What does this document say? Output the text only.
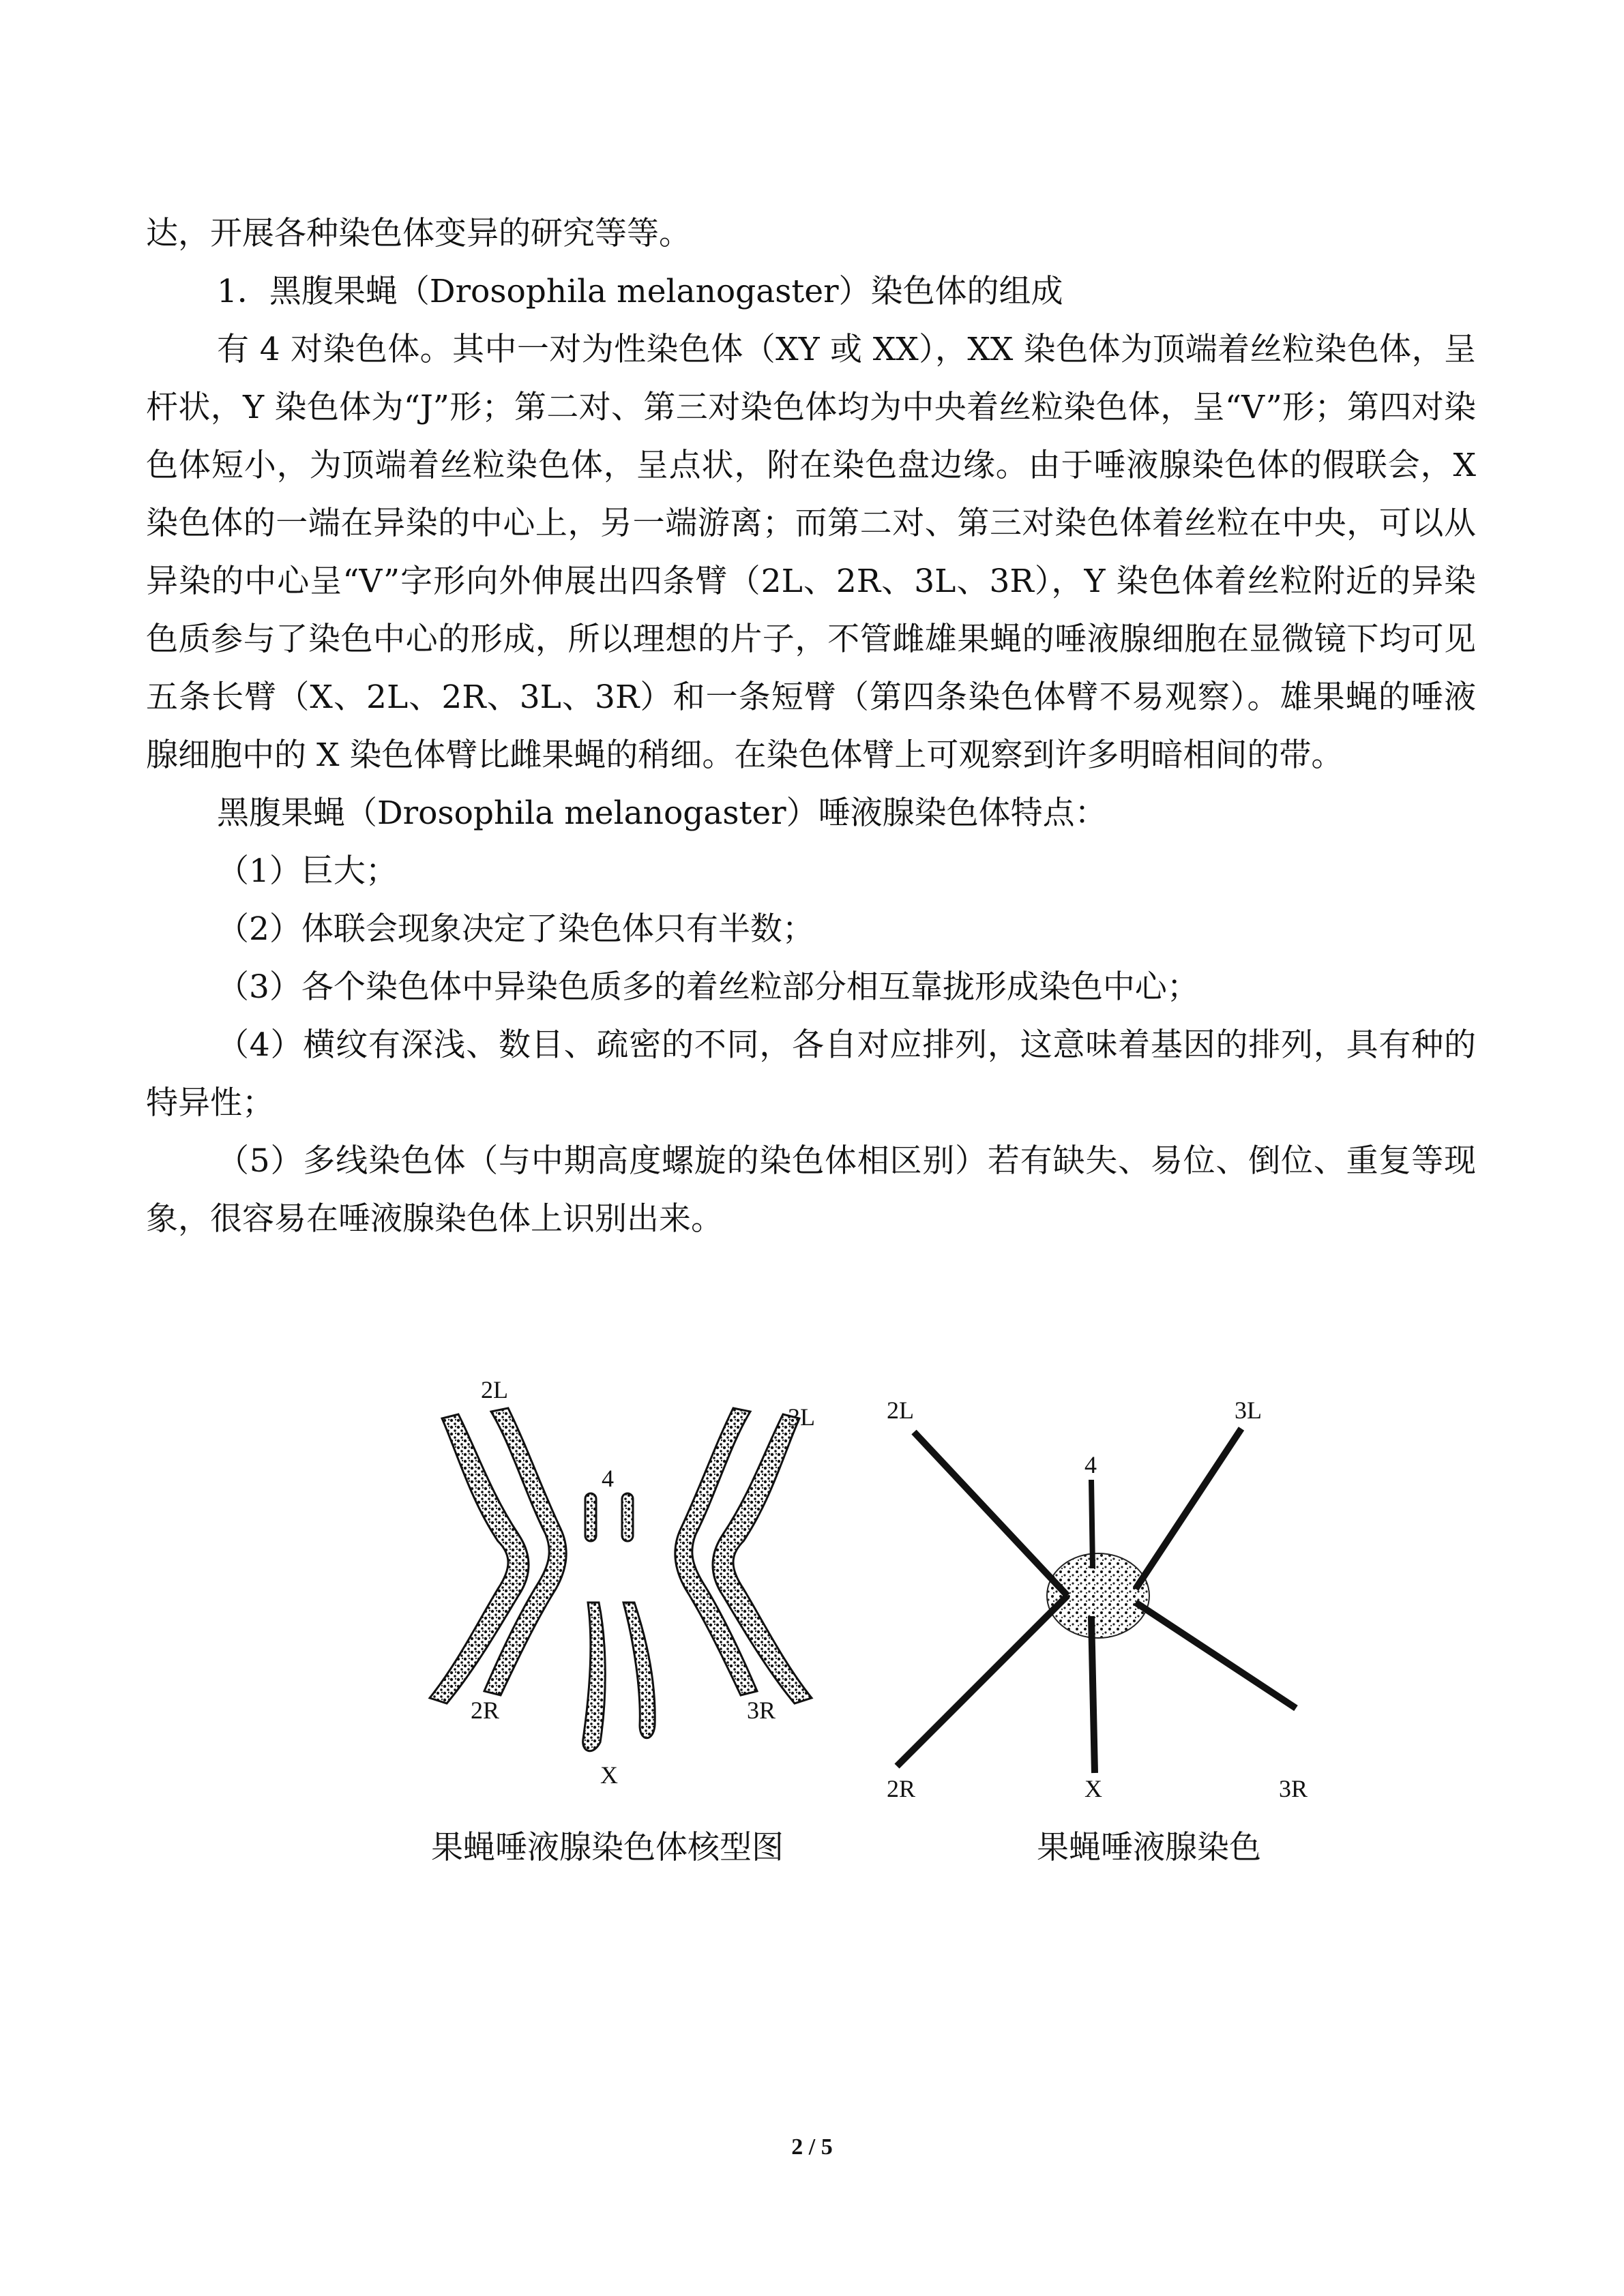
达，开展各种染色体变异的研究等等。

1．黑腹果蝇（Drosophila melanogaster）染色体的组成

有 4 对染色体。其中一对为性染色体（XY 或 XX），XX 染色体为顶端着丝粒染色体，呈杆状，Y 染色体为“J”形；第二对、第三对染色体均为中央着丝粒染色体，呈“V”形；第四对染色体短小，为顶端着丝粒染色体，呈点状，附在染色盘边缘。由于唾液腺染色体的假联会，X 染色体的一端在异染的中心上，另一端游离；而第二对、第三对染色体着丝粒在中央，可以从异染的中心呈“V”字形向外伸展出四条臂（2L、2R、3L、3R），Y 染色体着丝粒附近的异染色质参与了染色中心的形成，所以理想的片子，不管雌雄果蝇的唾液腺细胞在显微镜下均可见五条长臂（X、2L、2R、3L、3R）和一条短臂（第四条染色体臂不易观察）。雄果蝇的唾液腺细胞中的 X 染色体臂比雌果蝇的稍细。在染色体臂上可观察到许多明暗相间的带。

黑腹果蝇（Drosophila melanogaster）唾液腺染色体特点：

（1）巨大；

（2）体联会现象决定了染色体只有半数；

（3）各个染色体中异染色质多的着丝粒部分相互靠拢形成染色中心；

（4）横纹有深浅、数目、疏密的不同，各自对应排列，这意味着基因的排列，具有种的特异性；

（5）多线染色体（与中期高度螺旋的染色体相区别）若有缺失、易位、倒位、重复等现象，很容易在唾液腺染色体上识别出来。

2L
3L
4
2R	3R
X
果蝇唾液腺染色体核型图
2L	3L
4
2R	X	3R
果蝇唾液腺染色
2 / 5
